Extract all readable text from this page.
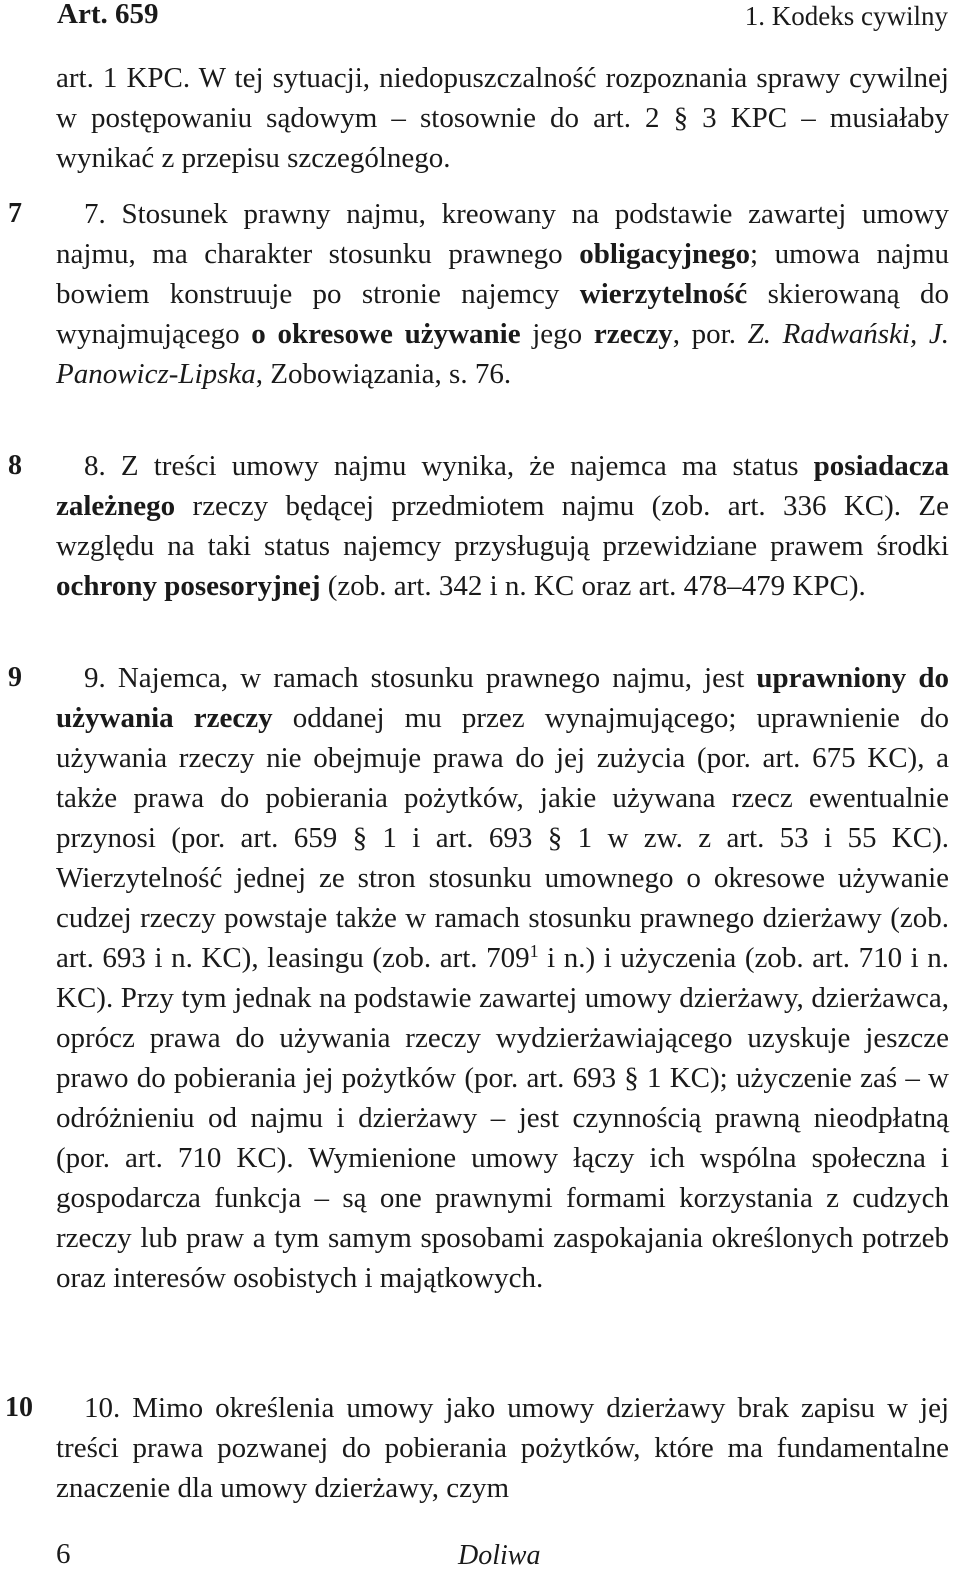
Art. 659	1. Kodeks cywilny

art. 1 KPC. W tej sytuacji, niedopuszczalność rozpoznania sprawy cywilnej w postępowaniu sądowym – stosownie do art. 2 § 3 KPC – musiałaby wynikać z przepisu szczególnego.

7	7. Stosunek prawny najmu, kreowany na podstawie zawartej umowy najmu, ma charakter stosunku prawnego obligacyjnego; umowa najmu bowiem konstruuje po stronie najemcy wierzytelność skierowaną do wynajmującego o okresowe używanie jego rzeczy, por. Z. Radwański, J. Panowicz-Lipska, Zobowiązania, s. 76.

8	8. Z treści umowy najmu wynika, że najemca ma status posiadacza zależnego rzeczy będącej przedmiotem najmu (zob. art. 336 KC). Ze względu na taki status najemcy przysługują przewidziane prawem środki ochrony posesoryjnej (zob. art. 342 i n. KC oraz art. 478–479 KPC).

9	9. Najemca, w ramach stosunku prawnego najmu, jest uprawniony do używania rzeczy oddanej mu przez wynajmującego; uprawnienie do używania rzeczy nie obejmuje prawa do jej zużycia (por. art. 675 KC), a także prawa do pobierania pożytków, jakie używana rzecz ewentualnie przynosi (por. art. 659 § 1 i art. 693 § 1 w zw. z art. 53 i 55 KC). Wierzytelność jednej ze stron stosunku umownego o okresowe używanie cudzej rzeczy powstaje także w ramach stosunku prawnego dzierżawy (zob. art. 693 i n. KC), leasingu (zob. art. $709^1$ i n.) i użyczenia (zob. art. 710 i n. KC). Przy tym jednak na podstawie zawartej umowy dzierżawy, dzierżawca, oprócz prawa do używania rzeczy wydzierżawiającego uzyskuje jeszcze prawo do pobierania jej pożytków (por. art. 693 § 1 KC); użyczenie zaś – w odróżnieniu od najmu i dzierżawy – jest czynnością prawną nieodpłatną (por. art. 710 KC). Wymienione umowy łączy ich wspólna społeczna i gospodarcza funkcja – są one prawnymi formami korzystania z cudzych rzeczy lub praw a tym samym sposobami zaspokajania określonych potrzeb oraz interesów osobistych i majątkowych.

10	10. Mimo określenia umowy jako umowy dzierżawy brak zapisu w jej treści prawa pozwanej do pobierania pożytków, które ma fundamentalne znaczenie dla umowy dzierżawy, czym

6	Doliwa
